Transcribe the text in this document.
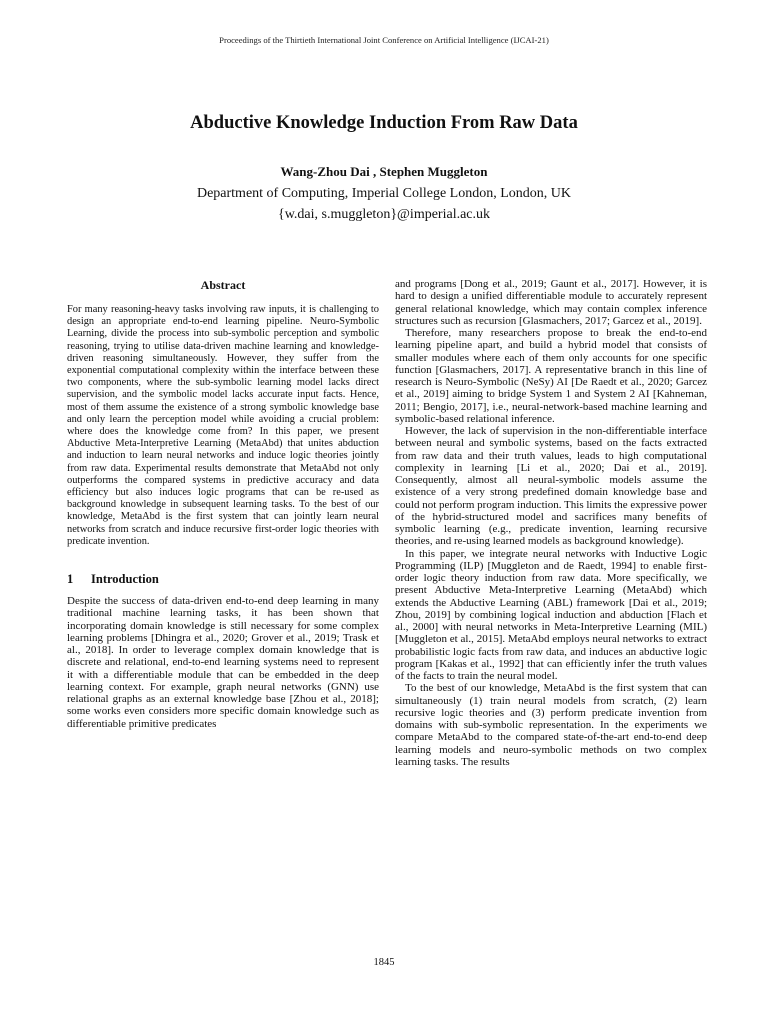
Proceedings of the Thirtieth International Joint Conference on Artificial Intelligence (IJCAI-21)
Abductive Knowledge Induction From Raw Data
Wang-Zhou Dai , Stephen Muggleton
Department of Computing, Imperial College London, London, UK
{w.dai, s.muggleton}@imperial.ac.uk
Abstract

For many reasoning-heavy tasks involving raw inputs, it is challenging to design an appropriate end-to-end learning pipeline. Neuro-Symbolic Learning, divide the process into sub-symbolic perception and symbolic reasoning, trying to utilise data-driven machine learning and knowledge-driven reasoning simultaneously. However, they suffer from the exponential computational complexity within the interface between these two components, where the sub-symbolic learning model lacks direct supervision, and the symbolic model lacks accurate input facts. Hence, most of them assume the existence of a strong symbolic knowledge base and only learn the perception model while avoiding a crucial problem: where does the knowledge come from? In this paper, we present Abductive Meta-Interpretive Learning (MetaAbd) that unites abduction and induction to learn neural networks and induce logic theories jointly from raw data. Experimental results demonstrate that MetaAbd not only outperforms the compared systems in predictive accuracy and data efficiency but also induces logic programs that can be re-used as background knowledge in subsequent learning tasks. To the best of our knowledge, MetaAbd is the first system that can jointly learn neural networks from scratch and induce recursive first-order logic theories with predicate invention.

1 Introduction

Despite the success of data-driven end-to-end deep learning in many traditional machine learning tasks, it has been shown that incorporating domain knowledge is still necessary for some complex learning problems [Dhingra et al., 2020; Grover et al., 2019; Trask et al., 2018]. In order to leverage complex domain knowledge that is discrete and relational, end-to-end learning systems need to represent it with a differentiable module that can be embedded in the deep learning context. For example, graph neural networks (GNN) use relational graphs as an external knowledge base [Zhou et al., 2018]; some works even considers more specific domain knowledge such as differentiable primitive predicates

and programs [Dong et al., 2019; Gaunt et al., 2017]. However, it is hard to design a unified differentiable module to accurately represent general relational knowledge, which may contain complex inference structures such as recursion [Glasmachers, 2017; Garcez et al., 2019].

Therefore, many researchers propose to break the end-to-end learning pipeline apart, and build a hybrid model that consists of smaller modules where each of them only accounts for one specific function [Glasmachers, 2017]. A representative branch in this line of research is Neuro-Symbolic (NeSy) AI [De Raedt et al., 2020; Garcez et al., 2019] aiming to bridge System 1 and System 2 AI [Kahneman, 2011; Bengio, 2017], i.e., neural-network-based machine learning and symbolic-based relational inference.

However, the lack of supervision in the non-differentiable interface between neural and symbolic systems, based on the facts extracted from raw data and their truth values, leads to high computational complexity in learning [Li et al., 2020; Dai et al., 2019]. Consequently, almost all neural-symbolic models assume the existence of a very strong predefined domain knowledge base and could not perform program induction. This limits the expressive power of the hybrid-structured model and sacrifices many benefits of symbolic learning (e.g., predicate invention, learning recursive theories, and re-using learned models as background knowledge).

In this paper, we integrate neural networks with Inductive Logic Programming (ILP) [Muggleton and de Raedt, 1994] to enable first-order logic theory induction from raw data. More specifically, we present Abductive Meta-Interpretive Learning (MetaAbd) which extends the Abductive Learning (ABL) framework [Dai et al., 2019; Zhou, 2019] by combining logical induction and abduction [Flach et al., 2000] with neural networks in Meta-Interpretive Learning (MIL) [Muggleton et al., 2015]. MetaAbd employs neural networks to extract probabilistic logic facts from raw data, and induces an abductive logic program [Kakas et al., 1992] that can efficiently infer the truth values of the facts to train the neural model.

To the best of our knowledge, MetaAbd is the first system that can simultaneously (1) train neural models from scratch, (2) learn recursive logic theories and (3) perform predicate invention from domains with sub-symbolic representation. In the experiments we compare MetaAbd to the compared state-of-the-art end-to-end deep learning models and neuro-symbolic methods on two complex learning tasks. The results

1845
